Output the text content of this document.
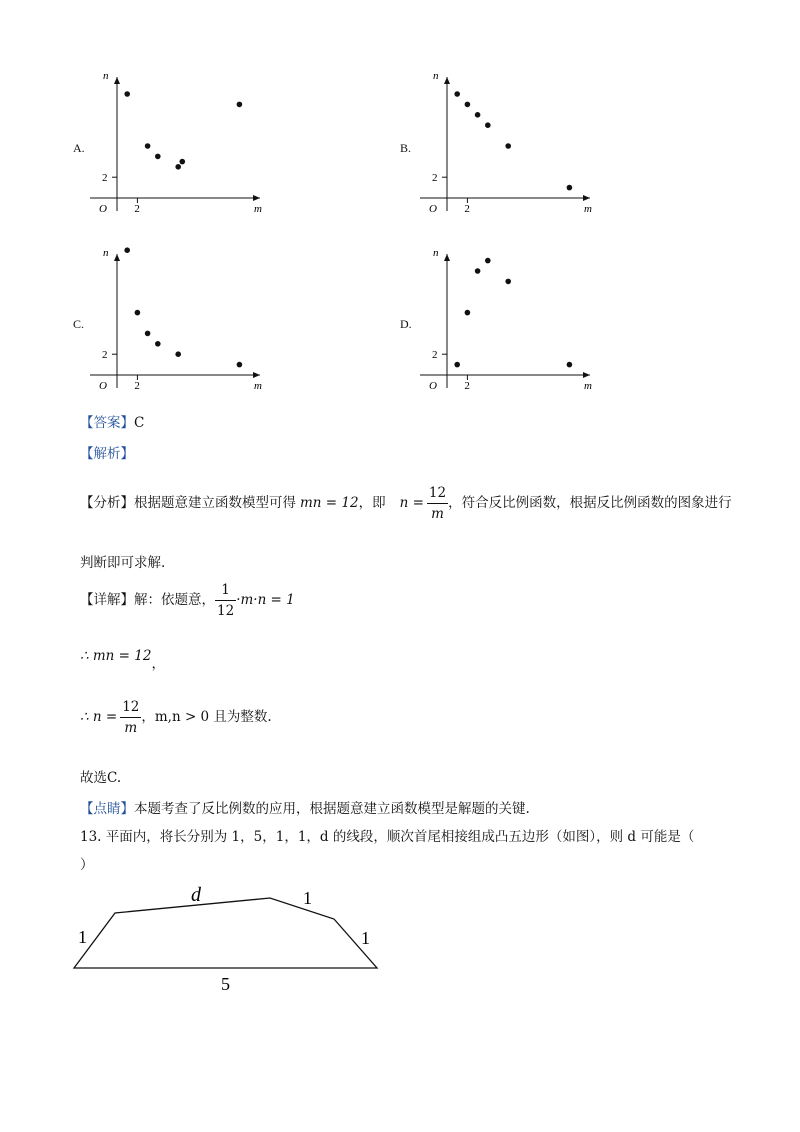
A.
2
2
O	m
n
B.
2
2
O	m
n
C.
2
2
O	m
n
D.
2
2
O	m
n
【答案】C
【解析】
【分析】 根据题意建立函数模型可得 mn = 12 ，即 $n = \frac{12}{m}$ ，符合反比例函数，根据反比例函数的图象进行
判断即可求解.
【详解】 解：依题意， $\frac{1}{12} \cdot m\cdot n = 1$
∴ mn = 12，
∴ $n = \frac{12}{m}$ ，m,n > 0 且为整数.
故选C.
【点睛】本题考查了反比例数的应用，根据题意建立函数模型是解题的关键.
13. 平面内，将长分别为 1，5，1，1，d 的线段，顺次首尾相接组成凸五边形（如图），则 d 可能是（
）
1
d	1
1
5
